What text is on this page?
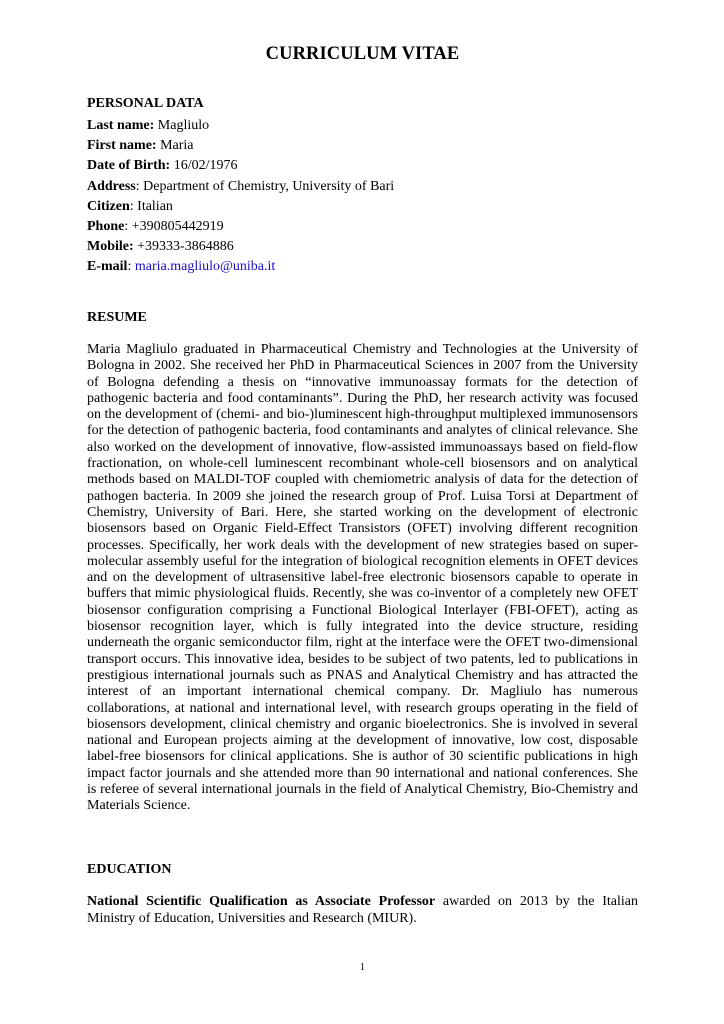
CURRICULUM VITAE
PERSONAL DATA
Last name: Magliulo
First name: Maria
Date of Birth: 16/02/1976
Address: Department of Chemistry, University of Bari
Citizen: Italian
Phone: +390805442919
Mobile: +39333-3864886
E-mail: maria.magliulo@uniba.it
RESUME

Maria Magliulo graduated in Pharmaceutical Chemistry and Technologies at the University of Bologna in 2002. She received her PhD in Pharmaceutical Sciences in 2007 from the University of Bologna defending a thesis on “innovative immunoassay formats for the detection of pathogenic bacteria and food contaminants”. During the PhD, her research activity was focused on the development of (chemi- and bio-)luminescent high-throughput multiplexed immunosensors for the detection of pathogenic bacteria, food contaminants and analytes of clinical relevance. She also worked on the development of innovative, flow-assisted immunoassays based on field-flow fractionation, on whole-cell luminescent recombinant whole-cell biosensors and on analytical methods based on MALDI-TOF coupled with chemiometric analysis of data for the detection of pathogen bacteria. In 2009 she joined the research group of Prof. Luisa Torsi at Department of Chemistry, University of Bari. Here, she started working on the development of electronic biosensors based on Organic Field-Effect Transistors (OFET) involving different recognition processes. Specifically, her work deals with the development of new strategies based on super-molecular assembly useful for the integration of biological recognition elements in OFET devices and on the development of ultrasensitive label-free electronic biosensors capable to operate in buffers that mimic physiological fluids. Recently, she was co-inventor of a completely new OFET biosensor configuration comprising a Functional Biological Interlayer (FBI-OFET), acting as biosensor recognition layer, which is fully integrated into the device structure, residing underneath the organic semiconductor film, right at the interface were the OFET two-dimensional transport occurs. This innovative idea, besides to be subject of two patents, led to publications in prestigious international journals such as PNAS and Analytical Chemistry and has attracted the interest of an important international chemical company. Dr. Magliulo has numerous collaborations, at national and international level, with research groups operating in the field of biosensors development, clinical chemistry and organic bioelectronics. She is involved in several national and European projects aiming at the development of innovative, low cost, disposable label-free biosensors for clinical applications. She is author of 30 scientific publications in high impact factor journals and she attended more than 90 international and national conferences. She is referee of several international journals in the field of Analytical Chemistry, Bio-Chemistry and Materials Science.

EDUCATION

National Scientific Qualification as Associate Professor awarded on 2013 by the Italian Ministry of Education, Universities and Research (MIUR).

1
